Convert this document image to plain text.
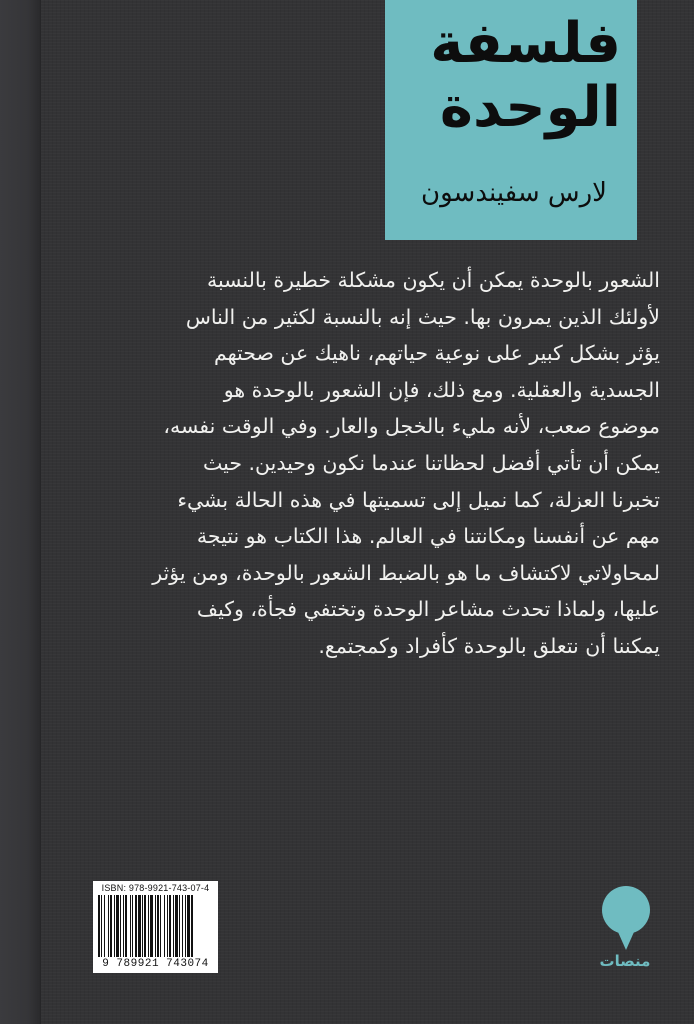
فلسفة
الوحدة
لارس سفيندسون

الشعور بالوحدة يمكن أن يكون مشكلة خطيرة بالنسبة
لأولئك الذين يمرون بها. حيث إنه بالنسبة لكثير من الناس
يؤثر بشكل كبير على نوعية حياتهم، ناهيك عن صحتهم
الجسدية والعقلية. ومع ذلك، فإن الشعور بالوحدة هو
موضوع صعب، لأنه مليء بالخجل والعار. وفي الوقت نفسه،
يمكن أن تأتي أفضل لحظاتنا عندما نكون وحيدين. حيث
تخبرنا العزلة، كما نميل إلى تسميتها في هذه الحالة بشيء
مهم عن أنفسنا ومكانتنا في العالم. هذا الكتاب هو نتيجة
لمحاولاتي لاكتشاف ما هو بالضبط الشعور بالوحدة، ومن يؤثر
عليها، ولماذا تحدث مشاعر الوحدة وتختفي فجأة، وكيف
يمكننا أن نتعلق بالوحدة كأفراد وكمجتمع.

ISBN: 978-9921-743-07-4
9 789921 743074	منصات
